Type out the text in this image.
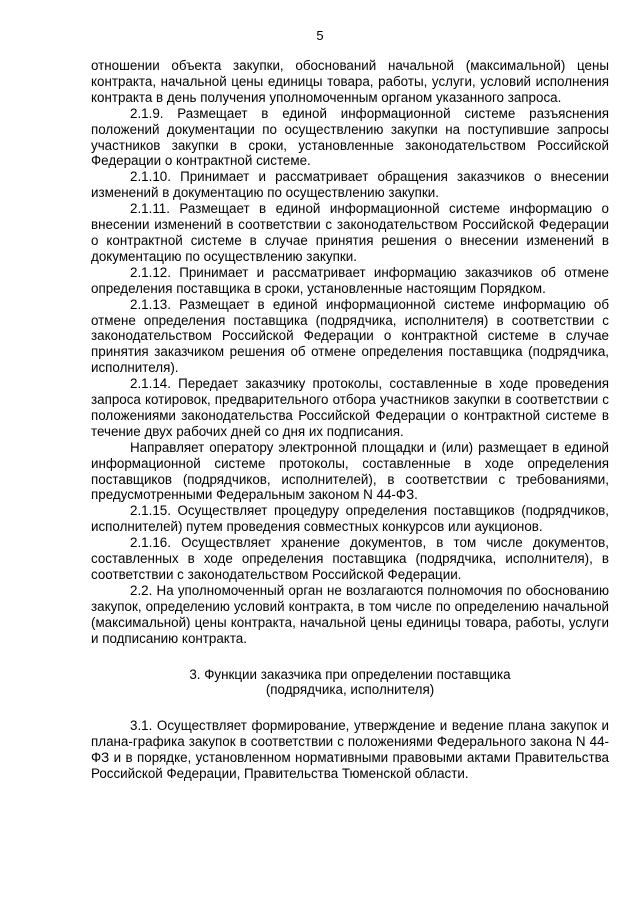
5

отношении объекта закупки, обоснований начальной (максимальной) цены контракта, начальной цены единицы товара, работы, услуги, условий исполнения контракта в день получения уполномоченным органом указанного запроса.

2.1.9. Размещает в единой информационной системе разъяснения положений документации по осуществлению закупки на поступившие запросы участников закупки в сроки, установленные законодательством Российской Федерации о контрактной системе.

2.1.10. Принимает и рассматривает обращения заказчиков о внесении изменений в документацию по осуществлению закупки.

2.1.11. Размещает в единой информационной системе информацию о внесении изменений в соответствии с законодательством Российской Федерации о контрактной системе в случае принятия решения о внесении изменений в документацию по осуществлению закупки.

2.1.12. Принимает и рассматривает информацию заказчиков об отмене определения поставщика в сроки, установленные настоящим Порядком.

2.1.13. Размещает в единой информационной системе информацию об отмене определения поставщика (подрядчика, исполнителя) в соответствии с законодательством Российской Федерации о контрактной системе в случае принятия заказчиком решения об отмене определения поставщика (подрядчика, исполнителя).

2.1.14. Передает заказчику протоколы, составленные в ходе проведения запроса котировок, предварительного отбора участников закупки в соответствии с положениями законодательства Российской Федерации о контрактной системе в течение двух рабочих дней со дня их подписания.

Направляет оператору электронной площадки и (или) размещает в единой информационной системе протоколы, составленные в ходе определения поставщиков (подрядчиков, исполнителей), в соответствии с требованиями, предусмотренными Федеральным законом N 44-ФЗ.

2.1.15. Осуществляет процедуру определения поставщиков (подрядчиков, исполнителей) путем проведения совместных конкурсов или аукционов.

2.1.16. Осуществляет хранение документов, в том числе документов, составленных в ходе определения поставщика (подрядчика, исполнителя), в соответствии с законодательством Российской Федерации.

2.2. На уполномоченный орган не возлагаются полномочия по обоснованию закупок, определению условий контракта, в том числе по определению начальной (максимальной) цены контракта, начальной цены единицы товара, работы, услуги и подписанию контракта.

3. Функции заказчика при определении поставщика

(подрядчика, исполнителя)

3.1. Осуществляет формирование, утверждение и ведение плана закупок и плана-графика закупок в соответствии с положениями Федерального закона N 44-ФЗ и в порядке, установленном нормативными правовыми актами Правительства Российской Федерации, Правительства Тюменской области.
